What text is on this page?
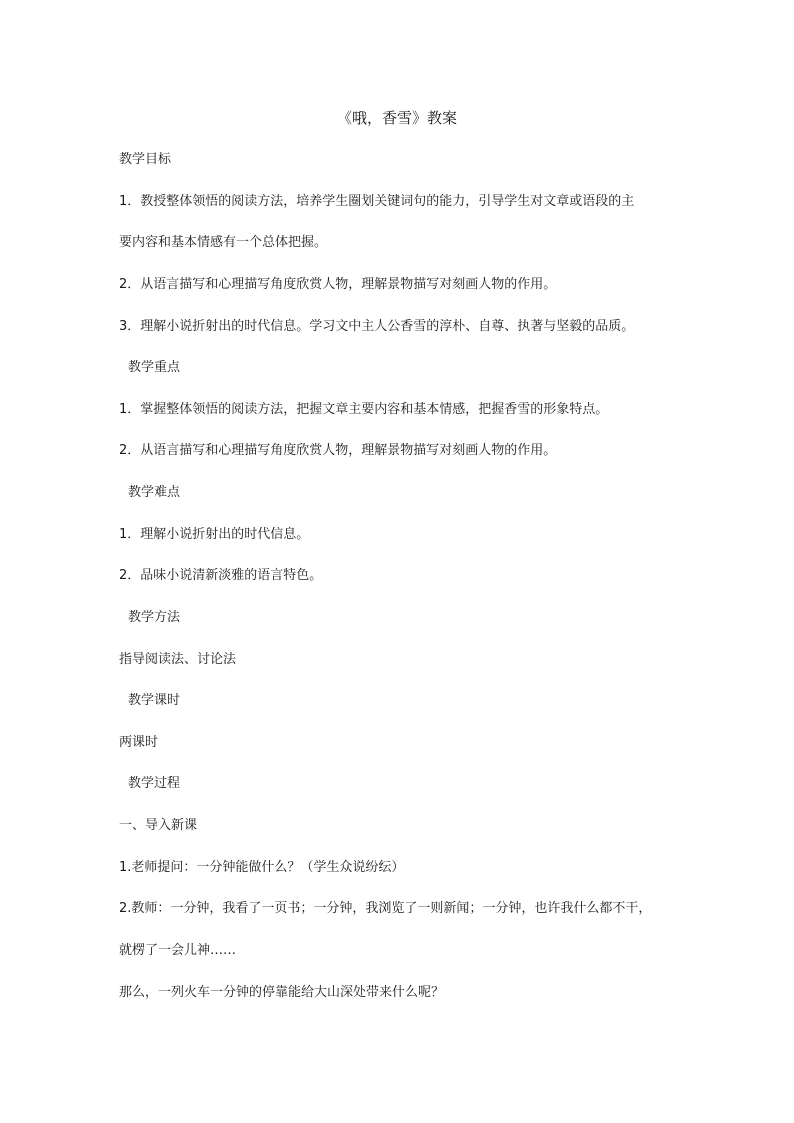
《哦，香雪》教案
教学目标
1．教授整体领悟的阅读方法，培养学生圈划关键词句的能力，引导学生对文章或语段的主
要内容和基本情感有一个总体把握。
2．从语言描写和心理描写角度欣赏人物，理解景物描写对刻画人物的作用。
3．理解小说折射出的时代信息。学习文中主人公香雪的淳朴、自尊、执著与坚毅的品质。
教学重点
1．掌握整体领悟的阅读方法，把握文章主要内容和基本情感，把握香雪的形象特点。
2．从语言描写和心理描写角度欣赏人物，理解景物描写对刻画人物的作用。
教学难点
1．理解小说折射出的时代信息。
2．品味小说清新淡雅的语言特色。
教学方法
指导阅读法、讨论法
教学课时
两课时
教学过程
一、导入新课
1.老师提问：一分钟能做什么？（学生众说纷纭）
2.教师：一分钟，我看了一页书；一分钟，我浏览了一则新闻；一分钟，也许我什么都不干，
就楞了一会儿神……
那么，一列火车一分钟的停靠能给大山深处带来什么呢？
